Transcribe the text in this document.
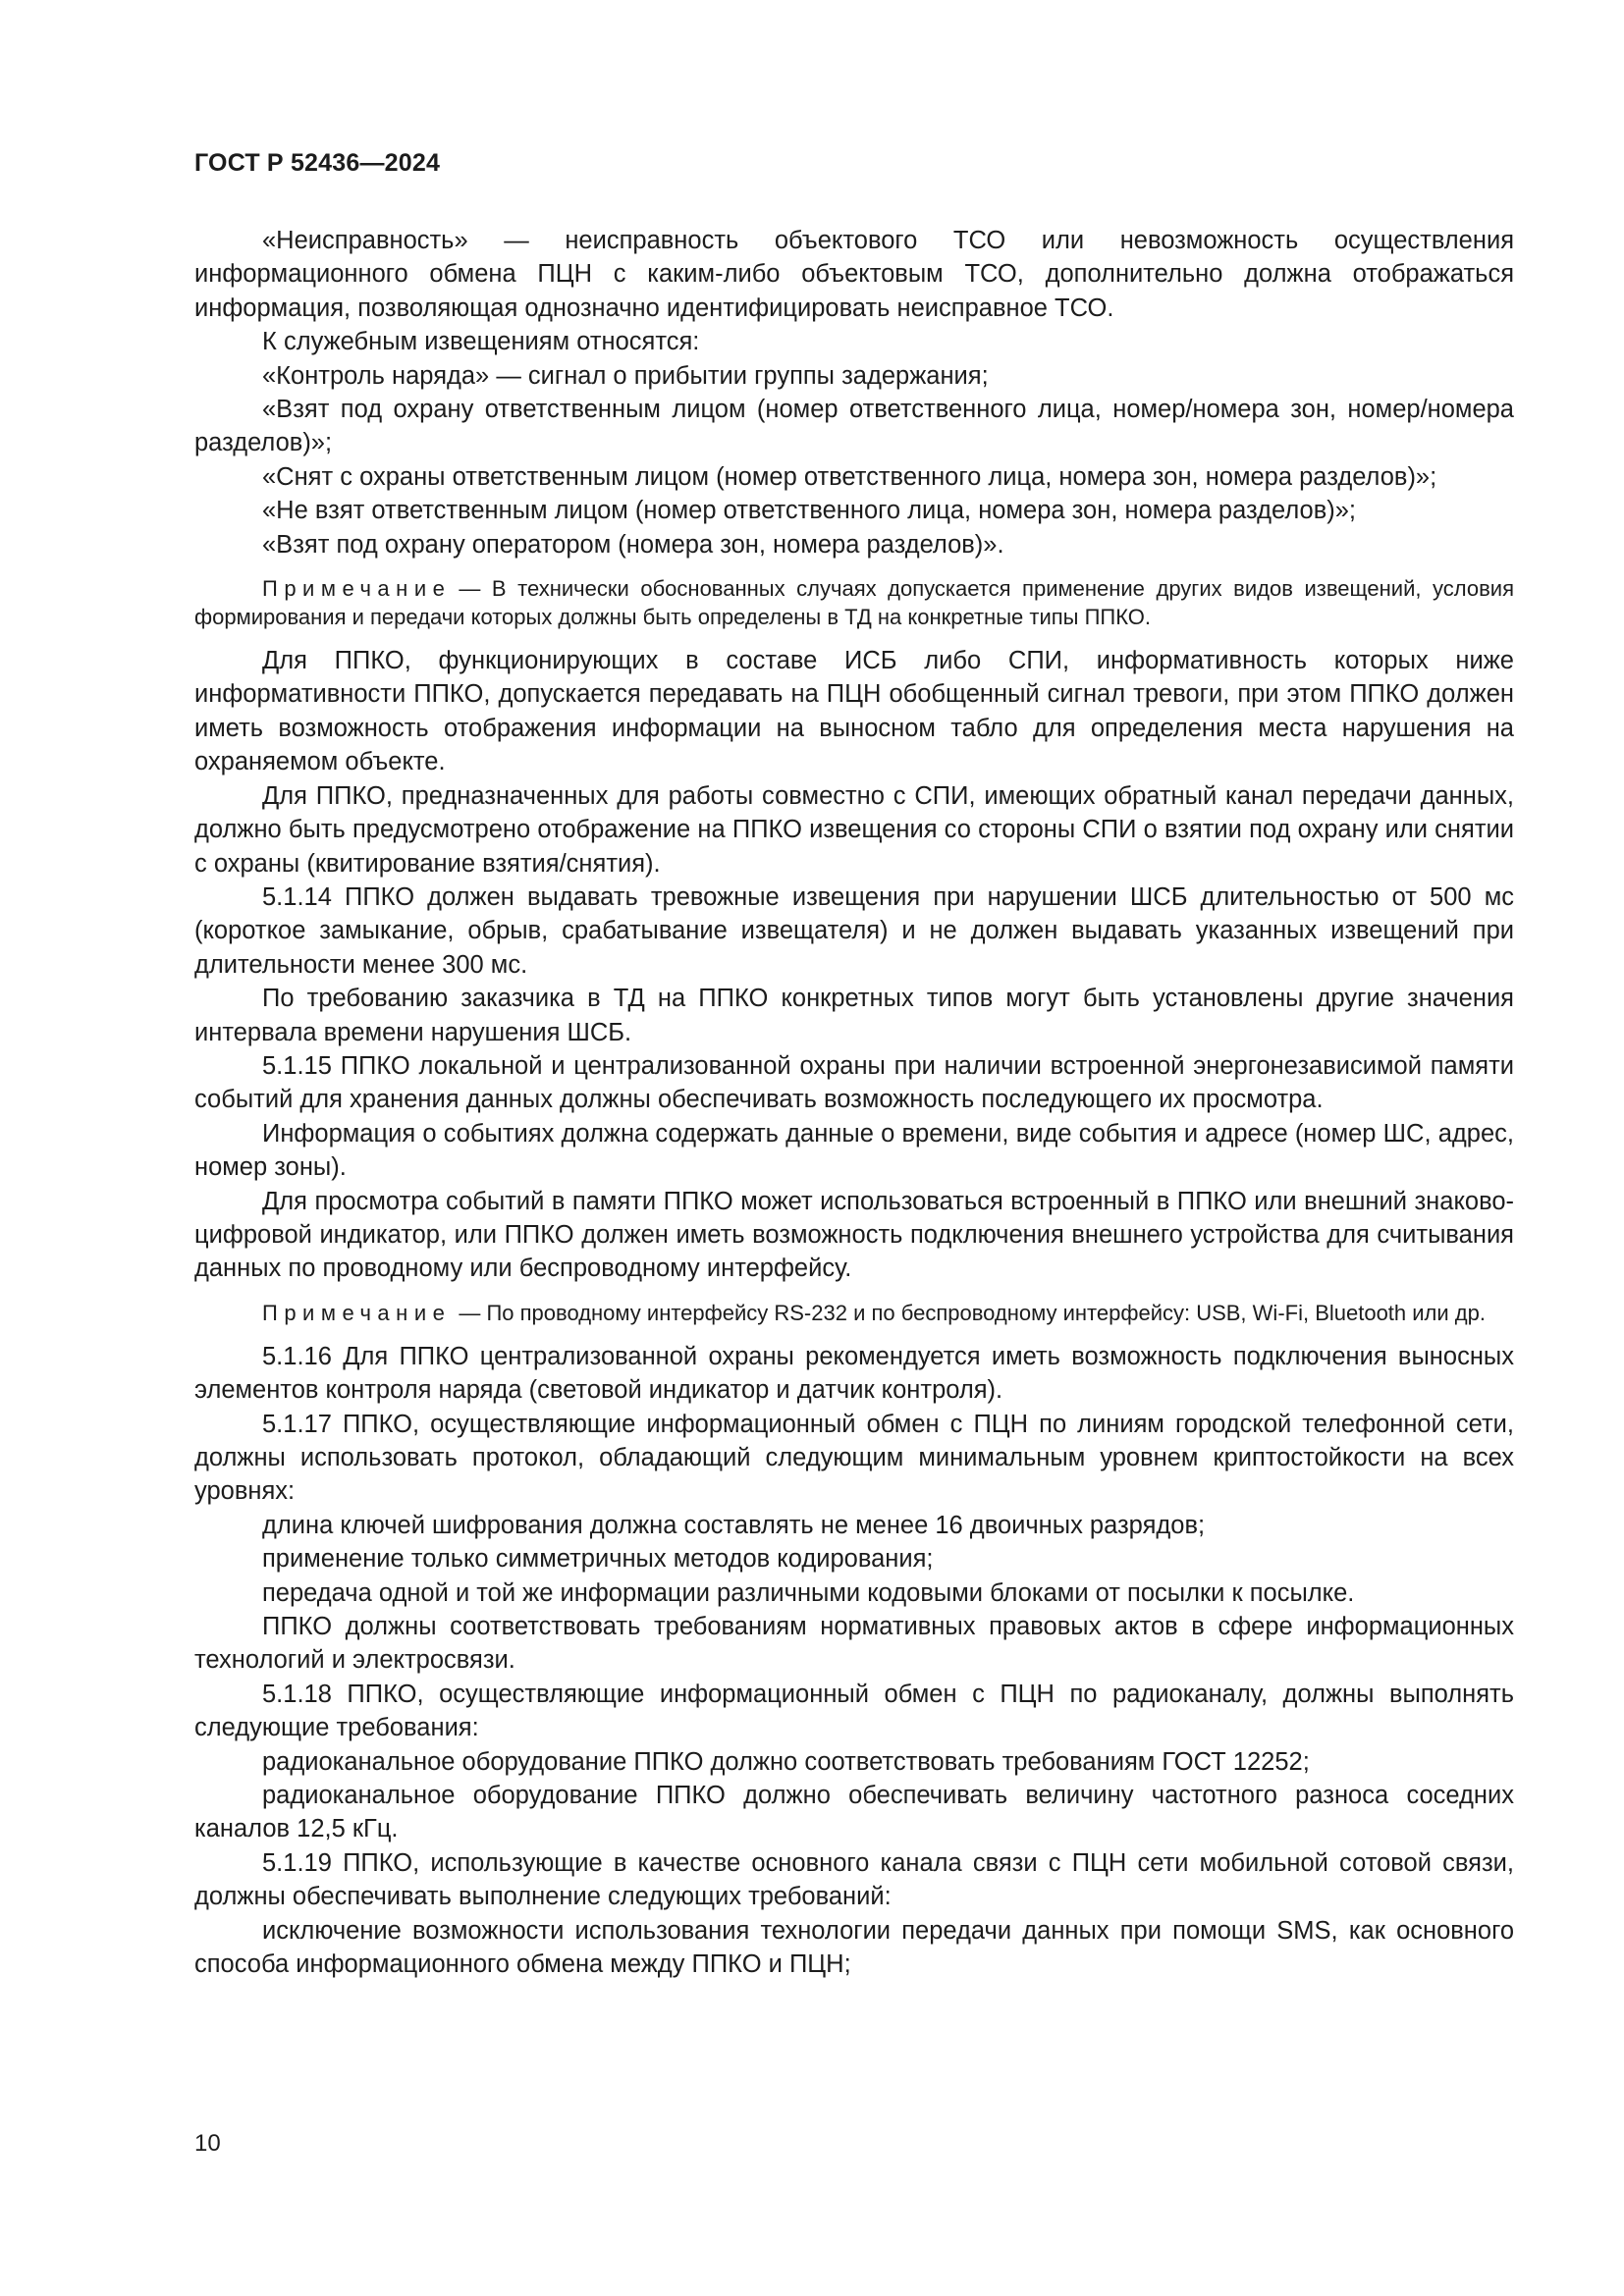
ГОСТ Р 52436—2024

«Неисправность» — неисправность объектового ТСО или невозможность осуществления информационного обмена ПЦН с каким-либо объектовым ТСО, дополнительно должна отображаться информация, позволяющая однозначно идентифицировать неисправное ТСО.

К служебным извещениям относятся:

«Контроль наряда» — сигнал о прибытии группы задержания;

«Взят под охрану ответственным лицом (номер ответственного лица, номер/номера зон, номер/номера разделов)»;

«Снят с охраны ответственным лицом (номер ответственного лица, номера зон, номера разделов)»;

«Не взят ответственным лицом (номер ответственного лица, номера зон, номера разделов)»;

«Взят под охрану оператором (номера зон, номера разделов)».

Примечание — В технически обоснованных случаях допускается применение других видов извещений, условия формирования и передачи которых должны быть определены в ТД на конкретные типы ППКО.

Для ППКО, функционирующих в составе ИСБ либо СПИ, информативность которых ниже информативности ППКО, допускается передавать на ПЦН обобщенный сигнал тревоги, при этом ППКО должен иметь возможность отображения информации на выносном табло для определения места нарушения на охраняемом объекте.

Для ППКО, предназначенных для работы совместно с СПИ, имеющих обратный канал передачи данных, должно быть предусмотрено отображение на ППКО извещения со стороны СПИ о взятии под охрану или снятии с охраны (квитирование взятия/снятия).

5.1.14 ППКО должен выдавать тревожные извещения при нарушении ШСБ длительностью от 500 мс (короткое замыкание, обрыв, срабатывание извещателя) и не должен выдавать указанных извещений при длительности менее 300 мс.

По требованию заказчика в ТД на ППКО конкретных типов могут быть установлены другие значения интервала времени нарушения ШСБ.

5.1.15 ППКО локальной и централизованной охраны при наличии встроенной энергонезависимой памяти событий для хранения данных должны обеспечивать возможность последующего их просмотра.

Информация о событиях должна содержать данные о времени, виде события и адресе (номер ШС, адрес, номер зоны).

Для просмотра событий в памяти ППКО может использоваться встроенный в ППКО или внешний знаково-цифровой индикатор, или ППКО должен иметь возможность подключения внешнего устройства для считывания данных по проводному или беспроводному интерфейсу.

Примечание — По проводному интерфейсу RS-232 и по беспроводному интерфейсу: USB, Wi-Fi, Bluetooth или др.

5.1.16 Для ППКО централизованной охраны рекомендуется иметь возможность подключения выносных элементов контроля наряда (световой индикатор и датчик контроля).

5.1.17 ППКО, осуществляющие информационный обмен с ПЦН по линиям городской телефонной сети, должны использовать протокол, обладающий следующим минимальным уровнем криптостойкости на всех уровнях:

длина ключей шифрования должна составлять не менее 16 двоичных разрядов;

применение только симметричных методов кодирования;

передача одной и той же информации различными кодовыми блоками от посылки к посылке.

ППКО должны соответствовать требованиям нормативных правовых актов в сфере информационных технологий и электросвязи.

5.1.18 ППКО, осуществляющие информационный обмен с ПЦН по радиоканалу, должны выполнять следующие требования:

радиоканальное оборудование ППКО должно соответствовать требованиям ГОСТ 12252;

радиоканальное оборудование ППКО должно обеспечивать величину частотного разноса соседних каналов 12,5 кГц.

5.1.19 ППКО, использующие в качестве основного канала связи с ПЦН сети мобильной сотовой связи, должны обеспечивать выполнение следующих требований:

исключение возможности использования технологии передачи данных при помощи SMS, как основного способа информационного обмена между ППКО и ПЦН;

10
